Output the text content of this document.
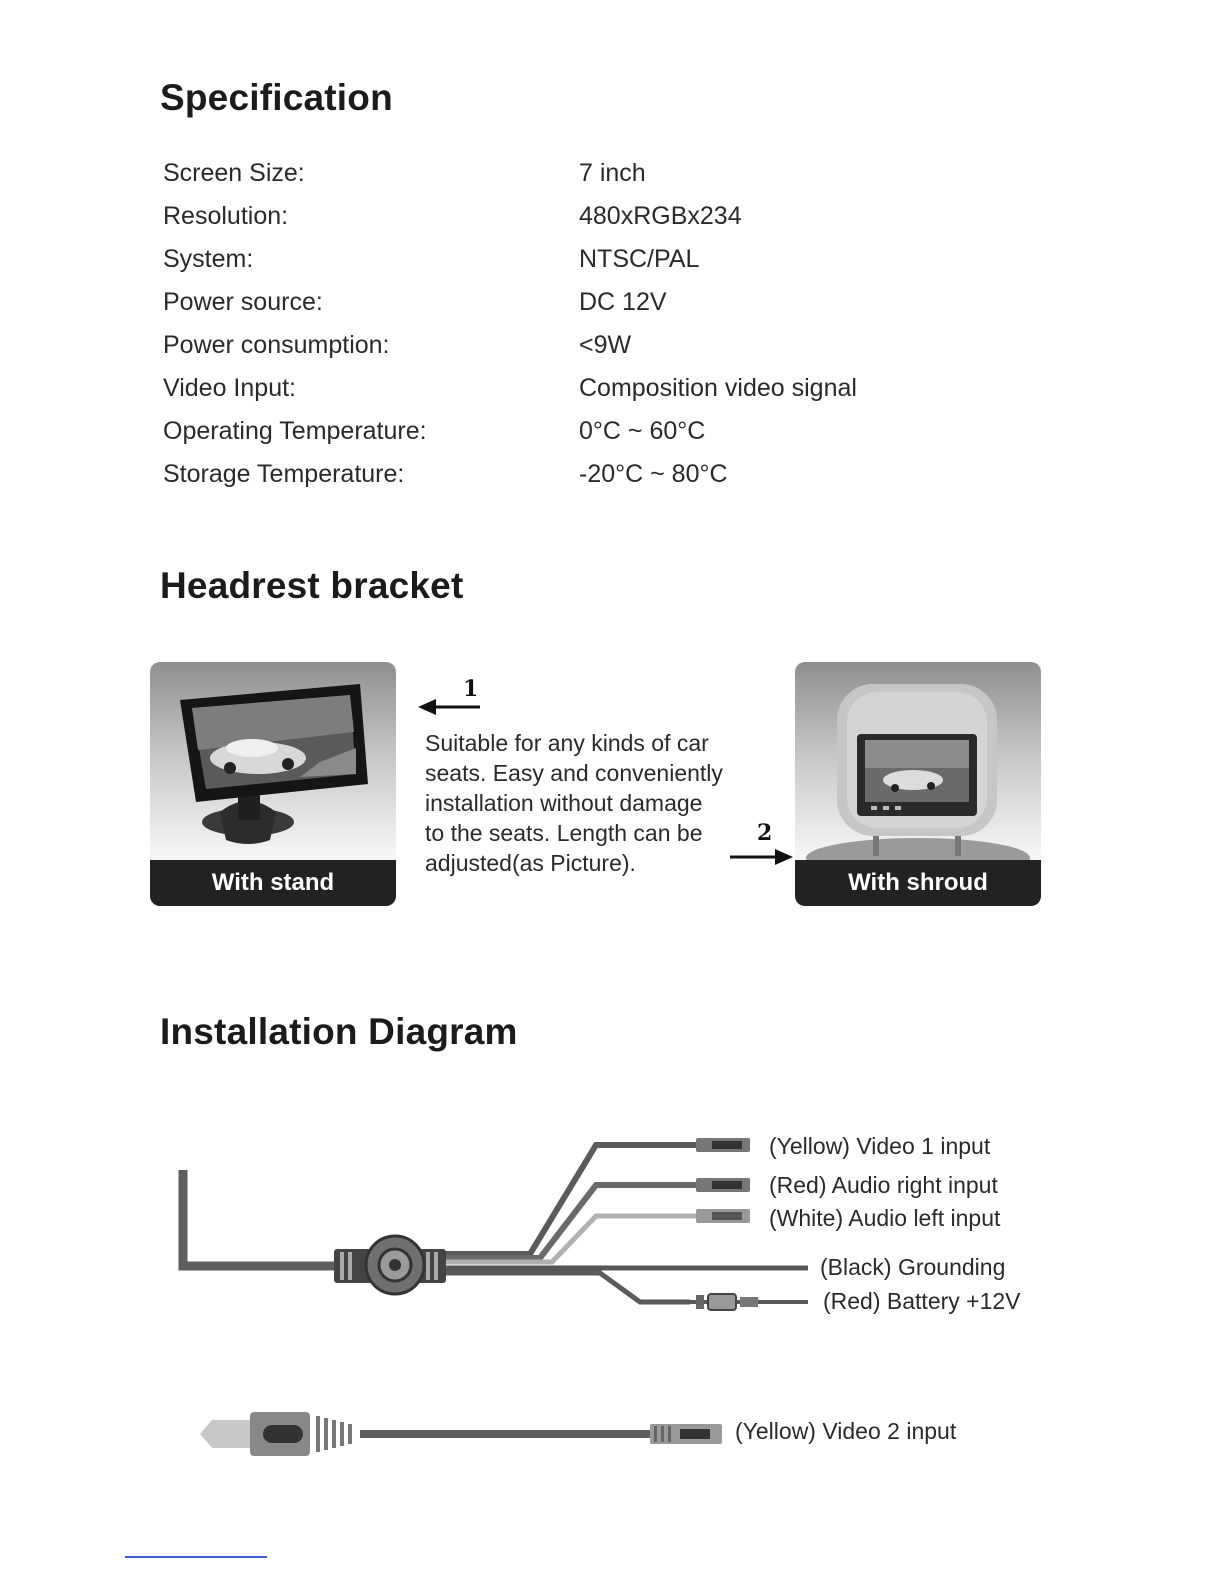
Specification
Screen Size:	7 inch
Resolution:	480xRGBx234
System:	NTSC/PAL
Power source:	DC 12V
Power consumption:	<9W
Video Input:	Composition video signal
Operating Temperature:	0°C ~ 60°C
Storage Temperature:	-20°C ~ 80°C
Headrest bracket
With stand	With shroud
1
2
Suitable for any kinds of car
seats. Easy and conveniently
installation without damage
to the seats. Length can be
adjusted(as Picture).
Installation Diagram
(Yellow) Video 1 input
(Red) Audio right input
(White) Audio left input
(Black) Grounding
(Red) Battery +12V
(Yellow) Video 2 input
